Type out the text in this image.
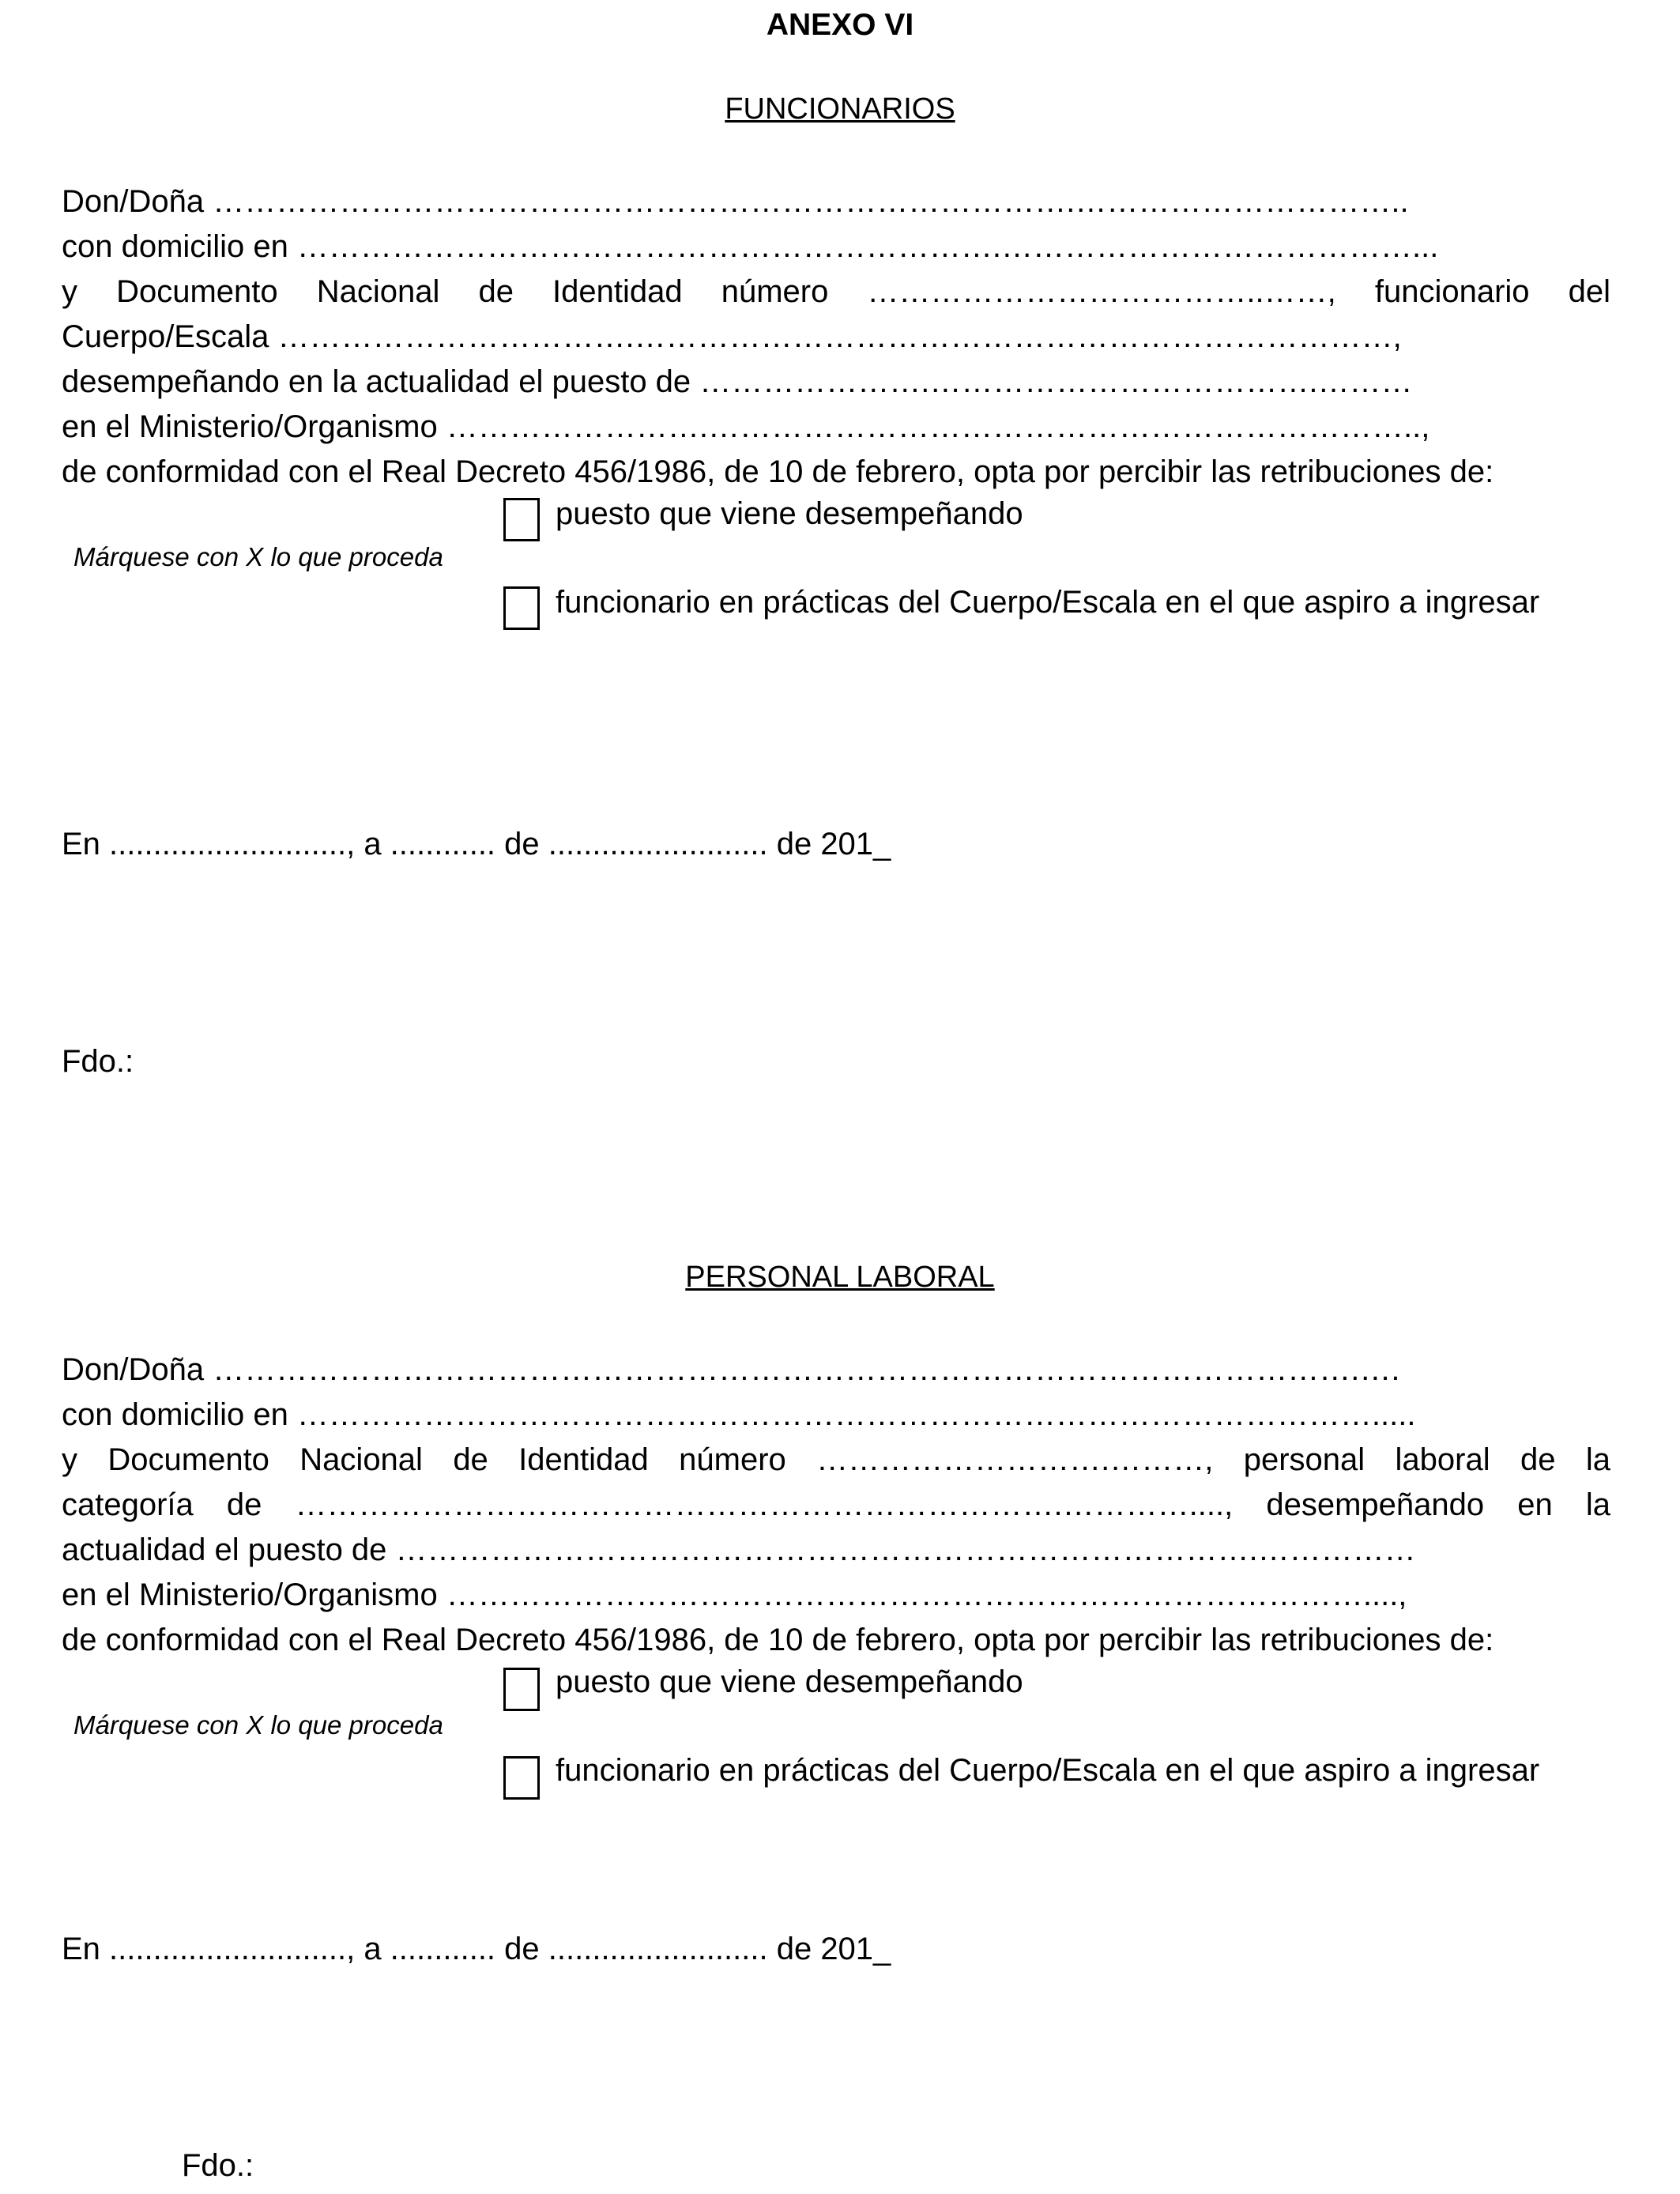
ANEXO VI
FUNCIONARIOS
Don/Doña ……………………………………………………………………….…………………………..
con domicilio en ………………………………………………………….…………………………………...
y Documento Nacional de Identidad número ………………………………..……, funcionario del
Cuerpo/Escala …………………………….………………………………………………………………,
desempeñando en la actualidad el puesto de ………………….……………………………….………
en el Ministerio/Organismo …………………….…………………………………………………………..,
de conformidad con el Real Decreto 456/1986, de 10 de febrero, opta por percibir las retribuciones de:
puesto que viene desempeñando
Márquese con X lo que proceda
funcionario en prácticas del Cuerpo/Escala en el que aspiro a ingresar
En ..........................., a ............ de ......................... de 201_
Fdo.:
PERSONAL LABORAL
Don/Doña ……………………………………………………………………………………………….….
con domicilio en ………………………………………………………………………………………….....
y Documento Nacional de Identidad número ……………………….………, personal laboral de la
categoría de ……………………………………………………………….…………...., desempeñando en la
actualidad el puesto de ……………………………………………………………………….……………
en el Ministerio/Organismo ……………………………………………………………………………....,
de conformidad con el Real Decreto 456/1986, de 10 de febrero, opta por percibir las retribuciones de:
puesto que viene desempeñando
Márquese con X lo que proceda
funcionario en prácticas del Cuerpo/Escala en el que aspiro a ingresar
En ..........................., a ............ de ......................... de 201_
Fdo.:
